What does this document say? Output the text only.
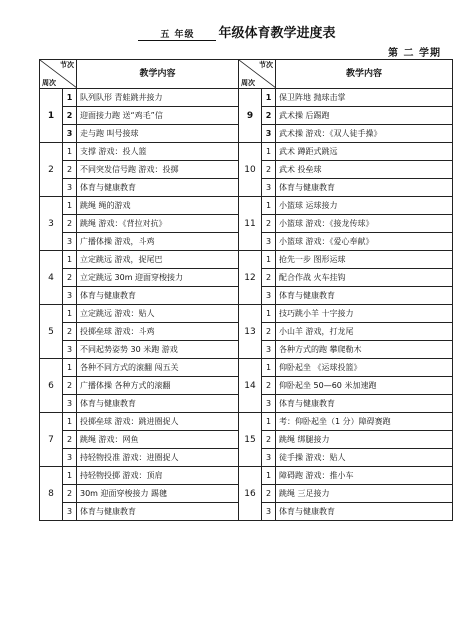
五 年级 年级体育教学进度表
第 二 学期
节次
周次		教学内容	节次
周次		教学内容
1	1	队列队形 青蛙跳井接力	9	1	保卫阵地 抛球击掌
	2	迎面接力跑 送“鸡毛”信		2	武术操 后踢跑
	3	走与跑 叫号接球		3	武术操 游戏：《双人徒手操》
2	1	支撑 游戏：投人篮	10	1	武术 蹲距式跳远
	2	不同突发信号跑 游戏：投掷		2	武术 投垒球
	3	体育与健康教育		3	体育与健康教育
3	1	跳绳 绳的游戏	11	1	小篮球 运球接力
	2	跳绳 游戏：《背拉对抗》		2	小篮球 游戏：《接龙传球》
	3	广播体操 游戏，斗鸡		3	小篮球 游戏：《爱心奉献》
4	1	立定跳远 游戏，捉尾巴	12	1	抢先一步 图形运球
	2	立定跳远 30m 迎面穿梭接力		2	配合作战 火车挂钩
	3	体育与健康教育		3	体育与健康教育
5	1	立定跳远 游戏：贴人	13	1	技巧跳小羊 十字接力
	2	投掷垒球 游戏：斗鸡		2	小山羊 游戏，打龙尾
	3	不同起势姿势 30 米跑 游戏		3	各种方式的跑 攀爬勒木
6	1	各种不同方式的滚翻 闯五关	14	1	仰卧起坐 《运球投篮》
	2	广播体操 各种方式的滚翻		2	仰卧起坐 50—60 米加速跑
	3	体育与健康教育		3	体育与健康教育
7	1	投掷垒球 游戏：跳进圈捉人	15	1	考：仰卧起坐（1 分）障碍赛跑
	2	跳绳 游戏：网鱼		2	跳绳 绑腿接力
	3	持轻物投准 游戏：进圈捉人		3	徒手操 游戏：贴人
8	1	持轻物投掷 游戏：顶肩	16	1	障碍跑 游戏：推小车
	2	30m 迎面穿梭接力 踢毽		2	跳绳 三足接力
	3	体育与健康教育		3	体育与健康教育
